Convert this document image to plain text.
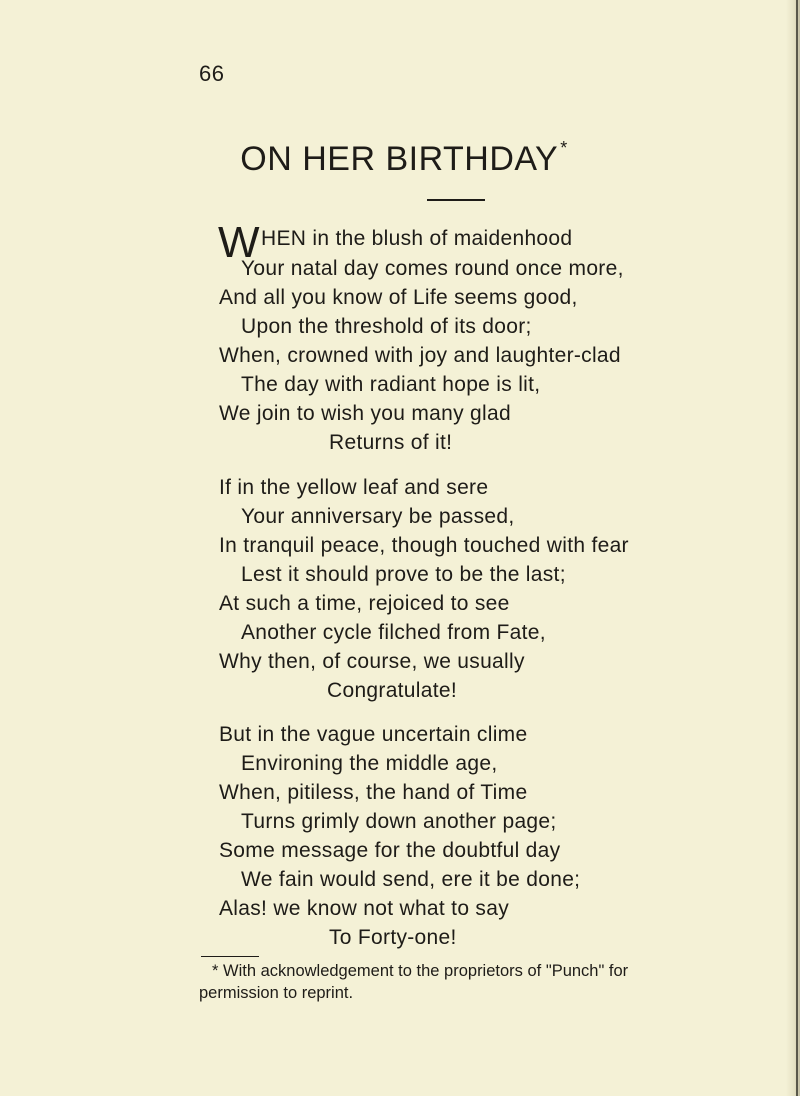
66
ON HER BIRTHDAY *
W HEN in the blush of maidenhood
Your natal day comes round once more,
And all you know of Life seems good,
Upon the threshold of its door;
When, crowned with joy and laughter-clad
The day with radiant hope is lit,
We join to wish you many glad
Returns of it!
If in the yellow leaf and sere
Your anniversary be passed,
In tranquil peace, though touched with fear
Lest it should prove to be the last;
At such a time, rejoiced to see
Another cycle filched from Fate,
Why then, of course, we usually
Congratulate!
But in the vague uncertain clime
Environing the middle age,
When, pitiless, the hand of Time
Turns grimly down another page;
Some message for the doubtful day
We fain would send, ere it be done;
Alas! we know not what to say
To Forty-one!
* With acknowledgement to the proprietors of "Punch" for
permission to reprint.
